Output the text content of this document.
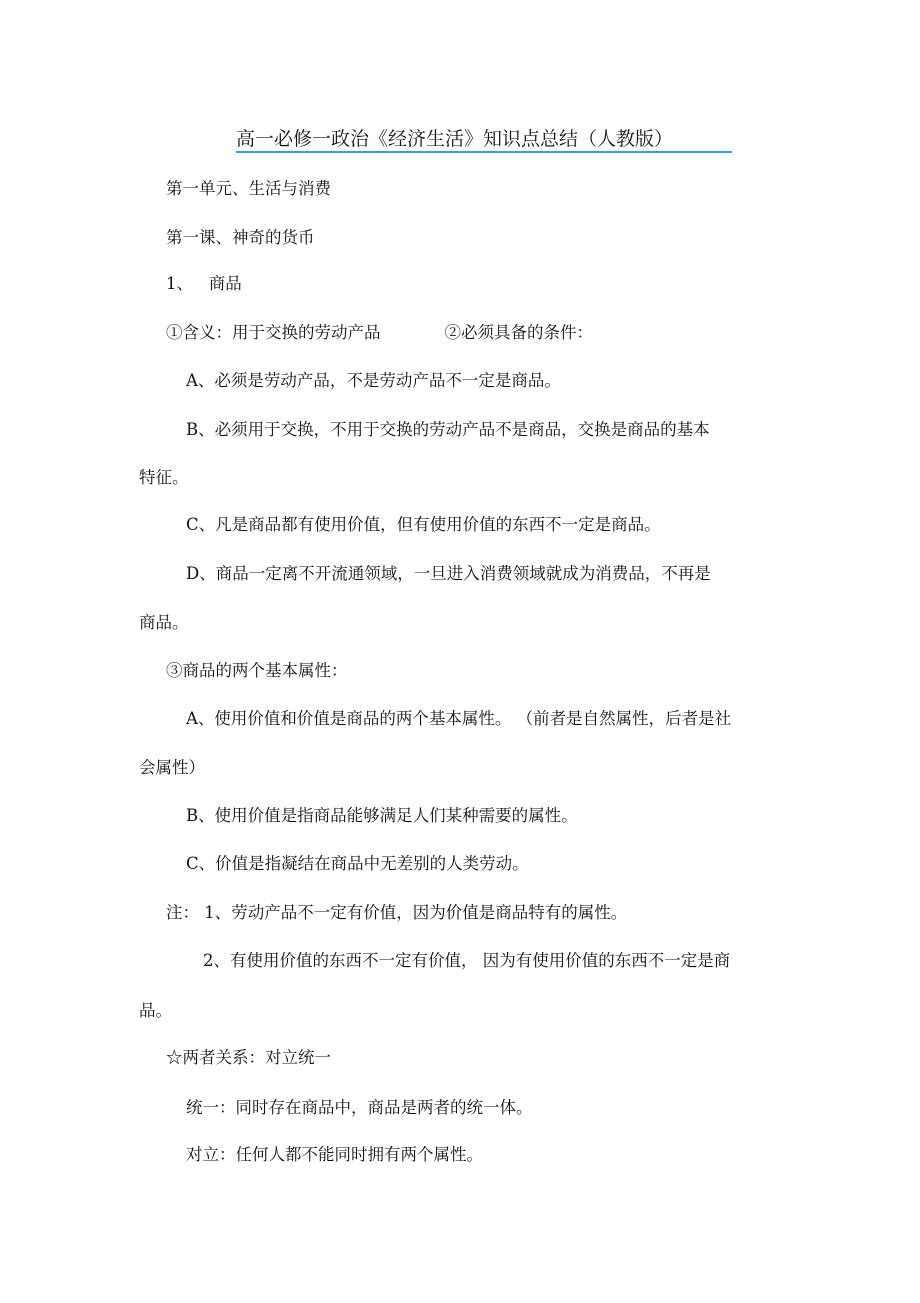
高一必修一政治《经济生活》知识点总结（人教版）
第一单元、生活与消费
第一课、神奇的货币
1、 商品
①含义：用于交换的劳动产品	②必须具备的条件：
A、必须是劳动产品，不是劳动产品不一定是商品。
B、必须用于交换，不用于交换的劳动产品不是商品，交换是商品的基本
特征。
C、凡是商品都有使用价值，但有使用价值的东西不一定是商品。
D、商品一定离不开流通领域，一旦进入消费领域就成为消费品，不再是
商品。
③商品的两个基本属性：
A、使用价值和价值是商品的两个基本属性。 （前者是自然属性，后者是社
会属性）
B、使用价值是指商品能够满足人们某种需要的属性。
C、价值是指凝结在商品中无差别的人类劳动。
注： 1、劳动产品不一定有价值，因为价值是商品特有的属性。
2、有使用价值的东西不一定有价值， 因为有使用价值的东西不一定是商
品。
☆两者关系：对立统一
统一：同时存在商品中，商品是两者的统一体。
对立：任何人都不能同时拥有两个属性。
